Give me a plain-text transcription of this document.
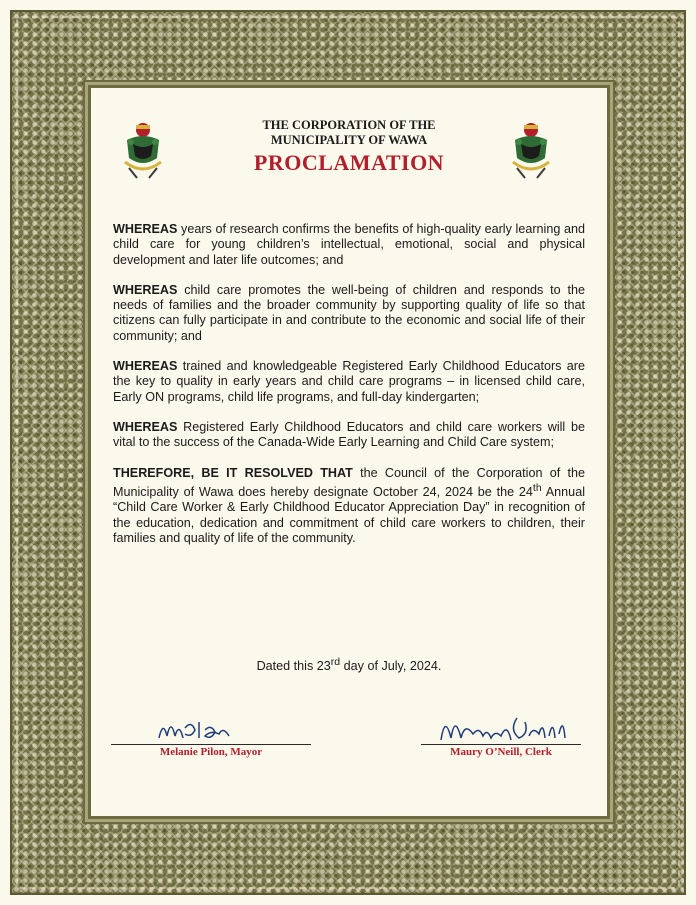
THE CORPORATION OF THE
MUNICIPALITY OF WAWA
PROCLAMATION

WHEREAS years of research confirms the benefits of high-quality early learning and child care for young children’s intellectual, emotional, social and physical development and later life outcomes; and

WHEREAS child care promotes the well-being of children and responds to the needs of families and the broader community by supporting quality of life so that citizens can fully participate in and contribute to the economic and social life of their community; and

WHEREAS trained and knowledgeable Registered Early Childhood Educators are the key to quality in early years and child care programs – in licensed child care, Early ON programs, child life programs, and full-day kindergarten;

WHEREAS Registered Early Childhood Educators and child care workers will be vital to the success of the Canada-Wide Early Learning and Child Care system;

THEREFORE, BE IT RESOLVED THAT the Council of the Corporation of the Municipality of Wawa does hereby designate October 24, 2024 be the 24th Annual “Child Care Worker & Early Childhood Educator Appreciation Day” in recognition of the education, dedication and commitment of child care workers to children, their families and quality of life of the community.

Dated this 23rd day of July, 2024.
Melanie Pilon, Mayor	Maury O’Neill, Clerk
